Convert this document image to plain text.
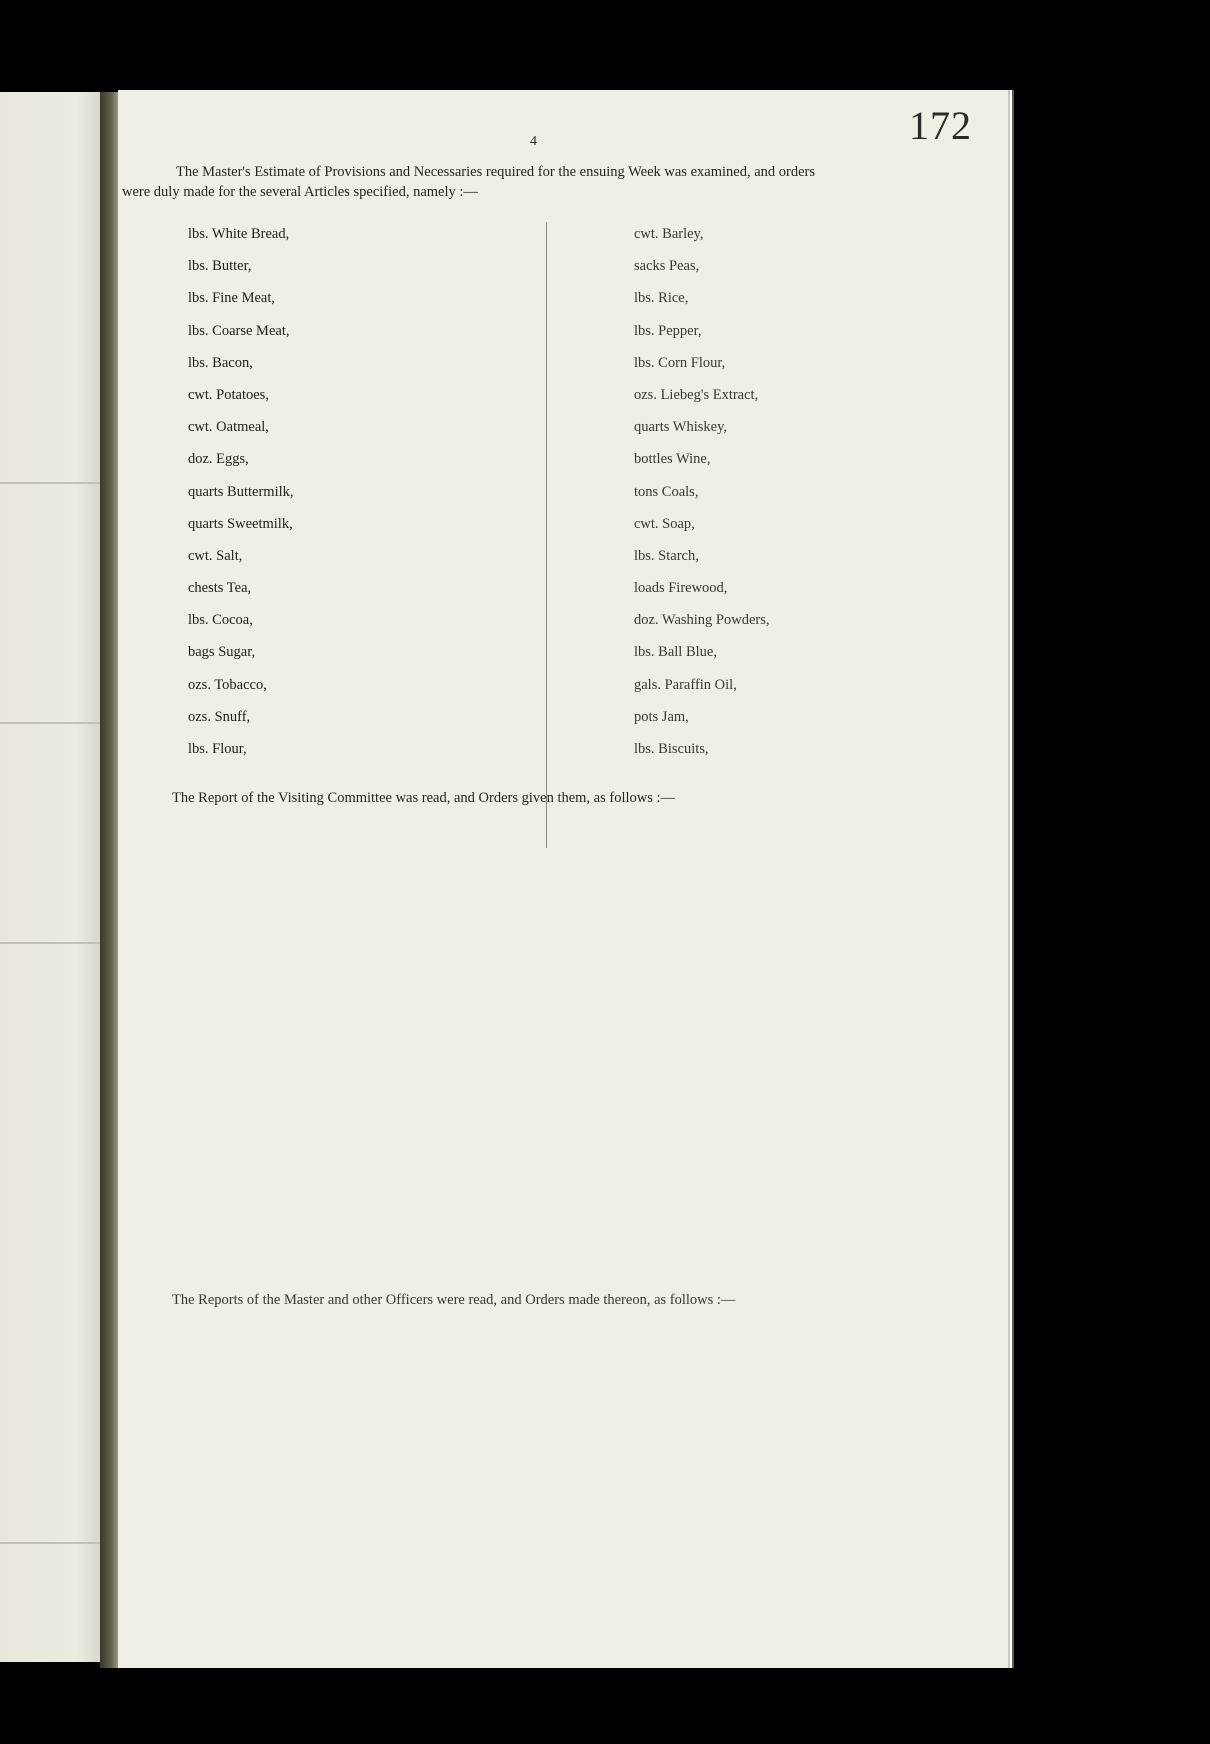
172
4
The Master's Estimate of Provisions and Necessaries required for the ensuing Week was examined, and orders
were duly made for the several Articles specified, namely :—
lbs. White Bread,
lbs. Butter,
lbs. Fine Meat,
lbs. Coarse Meat,
lbs. Bacon,
cwt. Potatoes,
cwt. Oatmeal,
doz. Eggs,
quarts Buttermilk,
quarts Sweetmilk,
cwt. Salt,
chests Tea,
lbs. Cocoa,
bags Sugar,
ozs. Tobacco,
ozs. Snuff,
lbs. Flour,
cwt. Barley,
sacks Peas,
lbs. Rice,
lbs. Pepper,
lbs. Corn Flour,
ozs. Liebeg's Extract,
quarts Whiskey,
bottles Wine,
tons Coals,
cwt. Soap,
lbs. Starch,
loads Firewood,
doz. Washing Powders,
lbs. Ball Blue,
gals. Paraffin Oil,
pots Jam,
lbs. Biscuits,
The Report of the Visiting Committee was read, and Orders given them, as follows :—
The Reports of the Master and other Officers were read, and Orders made thereon, as follows :—
